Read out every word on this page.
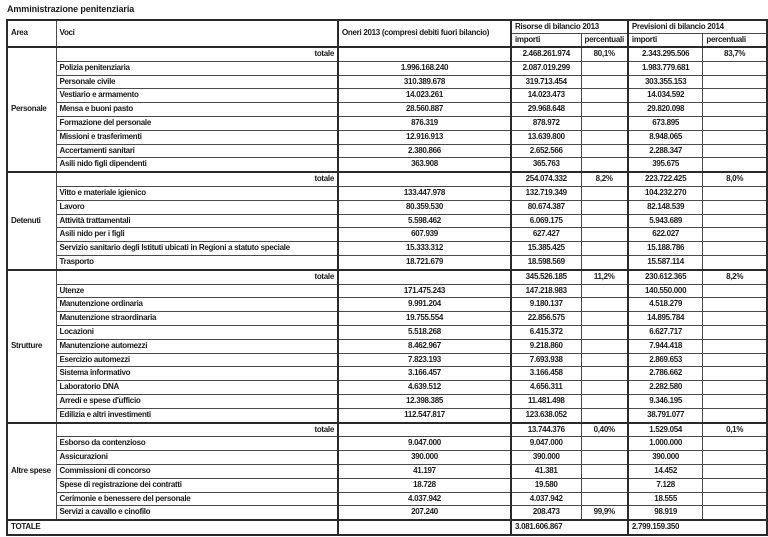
Amministrazione penitenziaria
Area	Voci	Oneri 2013 (compresi debiti fuori bilancio)	Risorse di bilancio 2013		Previsioni di bilancio 2014	
			importi	percentuali	importi	percentuali
Personale	totale		2.468.261.974	80,1%	2.343.295.506	83,7%
	Polizia penitenziaria	1.996.168.240	2.087.019.299		1.983.779.681	
	Personale civile	310.389.678	319.713.454		303.355.153	
	Vestiario e armamento	14.023.261	14.023.473		14.034.592	
	Mensa e buoni pasto	28.560.887	29.968.648		29.820.098	
	Formazione del personale	876.319	878.972		673.895	
	Missioni e trasferimenti	12.916.913	13.639.800		8.948.065	
	Accertamenti sanitari	2.380.866	2.652.566		2.288.347	
	Asili nido figli dipendenti	363.908	365.763		395.675	
Detenuti	totale		254.074.332	8,2%	223.722.425	8,0%
	Vitto e materiale igienico	133.447.978	132.719.349		104.232.270	
	Lavoro	80.359.530	80.674.387		82.148.539	
	Attività trattamentali	5.598.462	6.069.175		5.943.689	
	Asili nido per i figli	607.939	627.427		622.027	
	Servizio sanitario degli Istituti ubicati in Regioni a statuto speciale	15.333.312	15.385.425		15.188.786	
	Trasporto	18.721.679	18.598.569		15.587.114	
Strutture	totale		345.526.185	11,2%	230.612.365	8,2%
	Utenze	171.475.243	147.218.983		140.550.000	
	Manutenzione ordinaria	9.991.204	9.180.137		4.518.279	
	Manutenzione straordinaria	19.755.554	22.856.575		14.895.784	
	Locazioni	5.518.268	6.415.372		6.627.717	
	Manutenzione automezzi	8.462.967	9.218.860		7.944.418	
	Esercizio automezzi	7.823.193	7.693.938		2.869.653	
	Sistema informativo	3.166.457	3.166.458		2.786.662	
	Laboratorio DNA	4.639.512	4.656.311		2.282.580	
	Arredi e spese d'ufficio	12.398.385	11.481.498		9.346.195	
	Edilizia e altri investimenti	112.547.817	123.638.052		38.791.077	
Altre spese	totale		13.744.376	0,40%	1.529.054	0,1%
	Esborso da contenzioso	9.047.000	9.047.000		1.000.000	
	Assicurazioni	390.000	390.000		390.000	
	Commissioni di concorso	41.197	41.381		14.452	
	Spese di registrazione dei contratti	18.728	19.580		7.128	
	Cerimonie e benessere del personale	4.037.942	4.037.942		18.555	
	Servizi a cavallo e cinofilo	207.240	208.473	99,9%	98.919	
TOTALE			3.081.606.867		2.799.159.350	
